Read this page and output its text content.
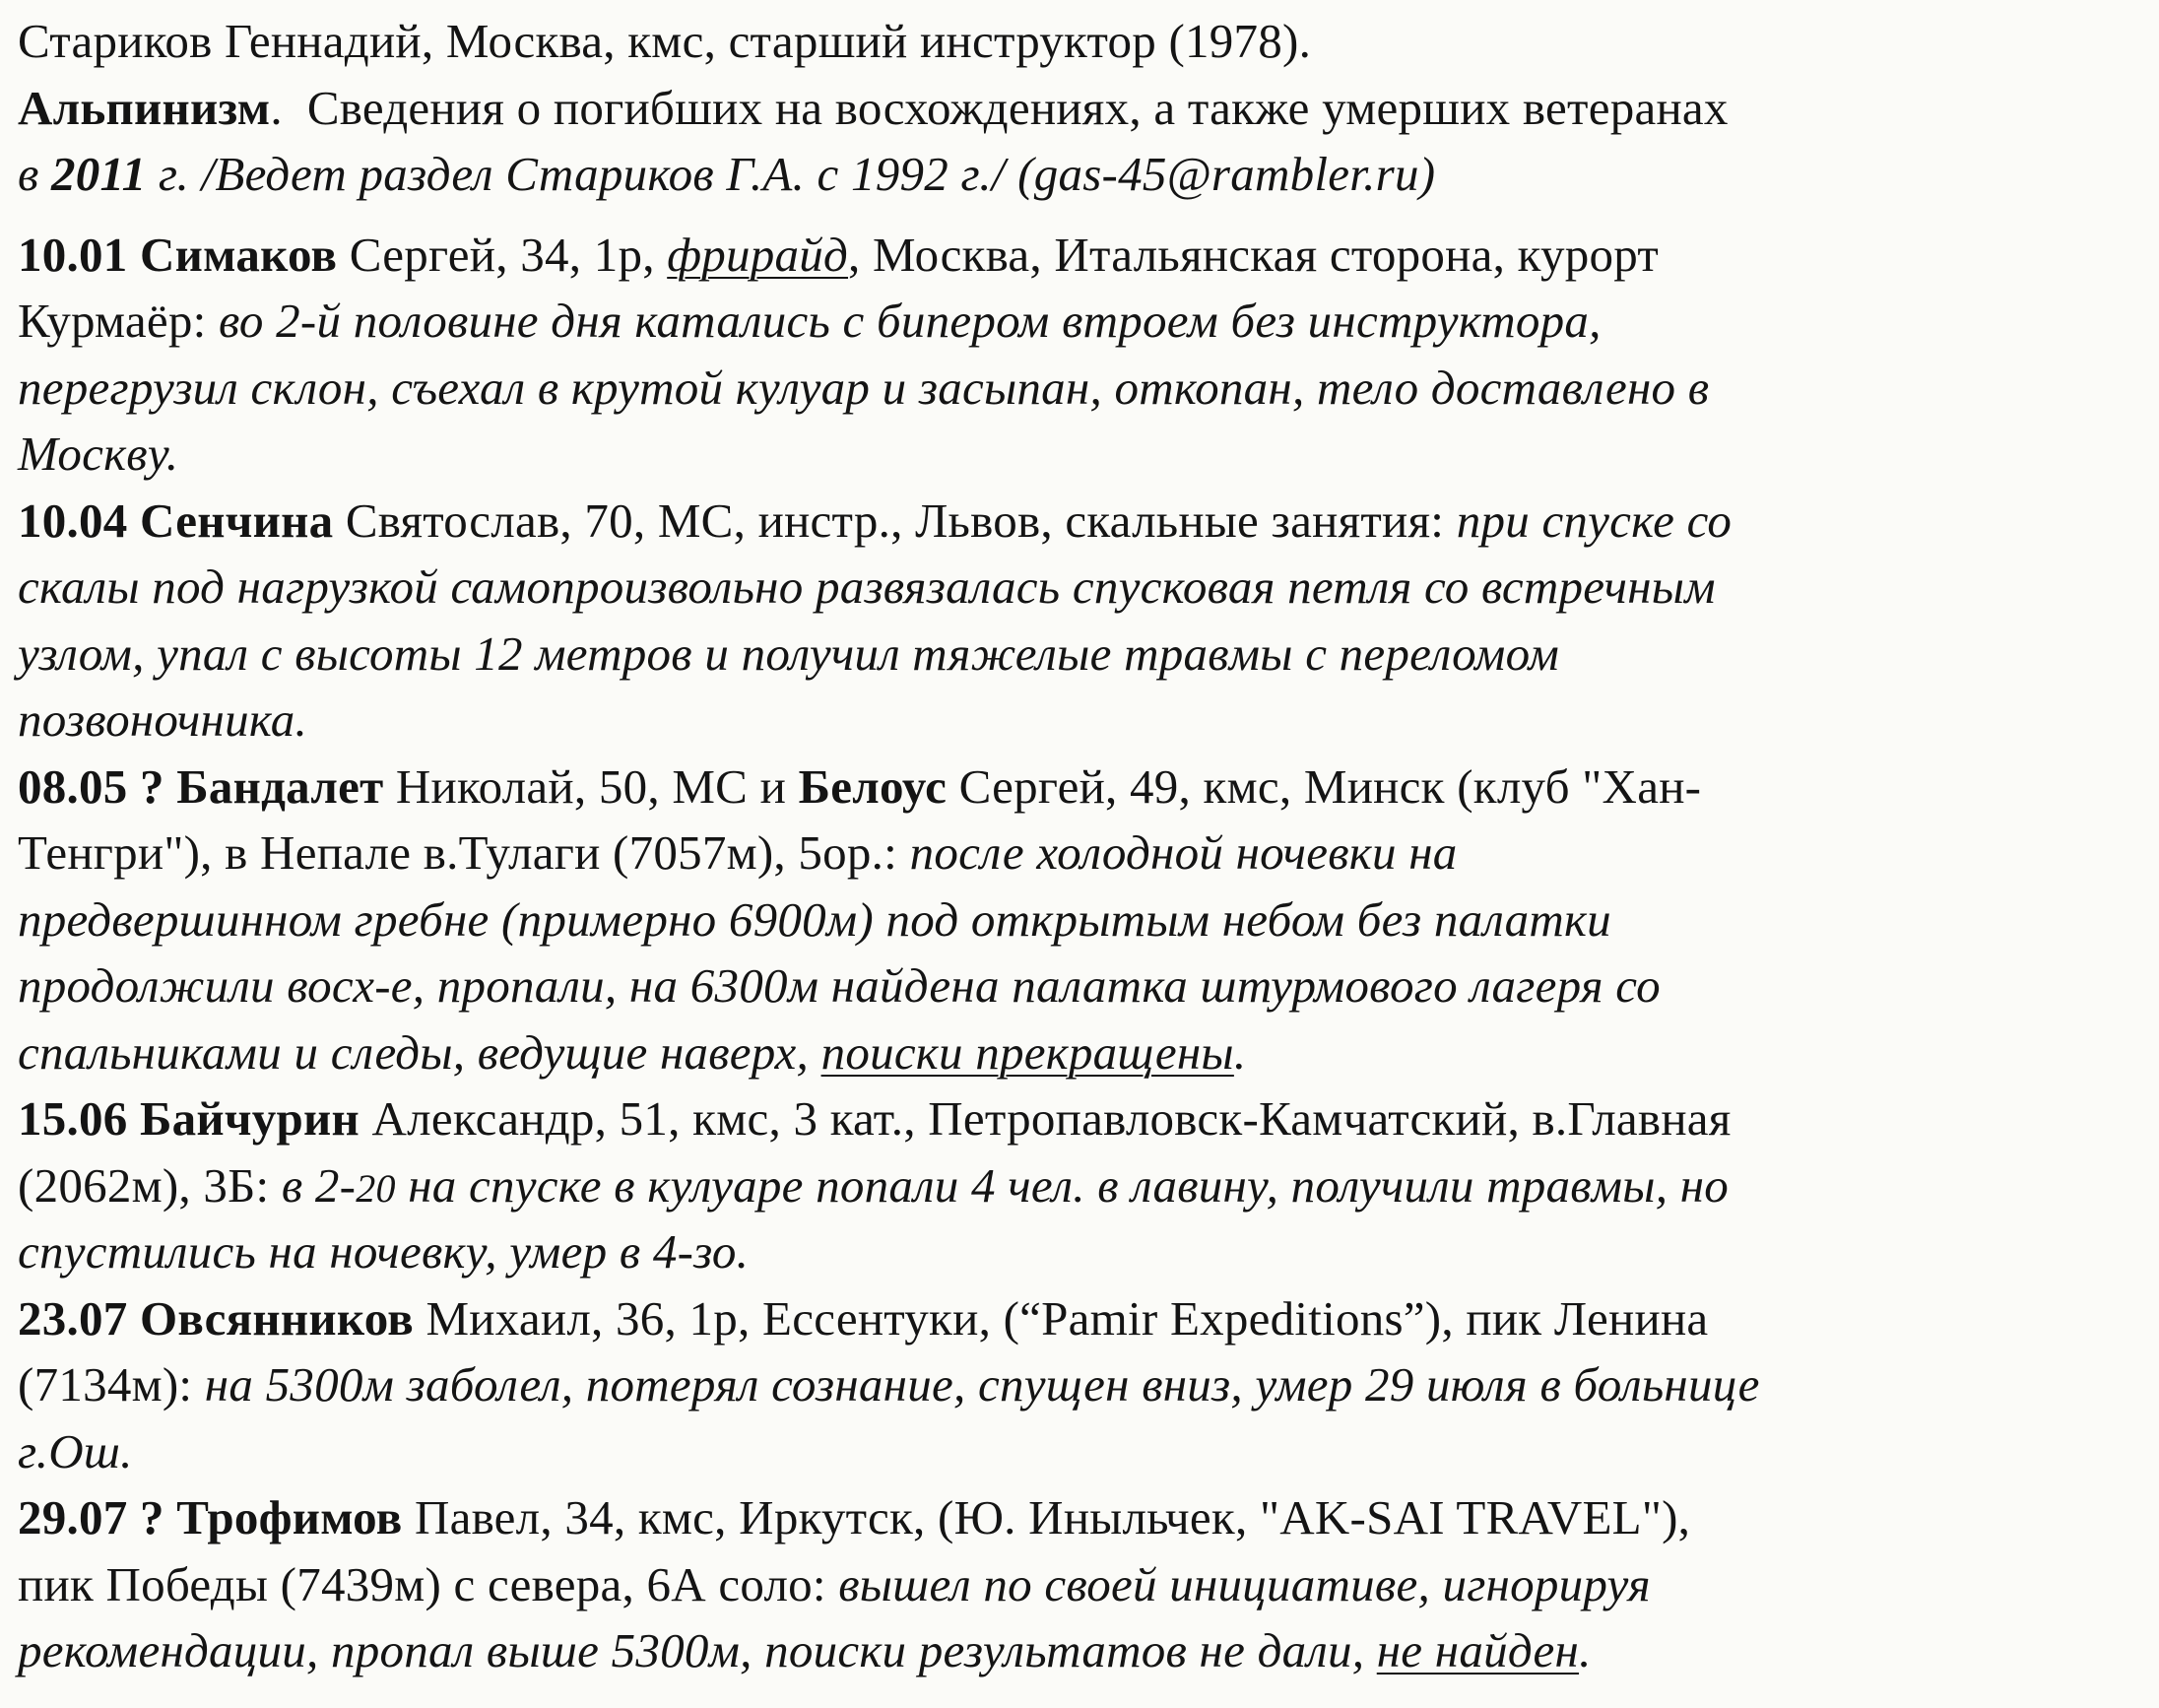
Стариков Геннадий, Москва, кмс, старший инструктор (1978).
Альпинизм.  Сведения о погибших на восхождениях, а также умерших ветеранах
в 2011 г. /Ведет раздел Стариков Г.А. с 1992 г./ (gas-45@rambler.ru)
10.01 Симаков Сергей, 34, 1р, фрирайд, Москва, Итальянская сторона, курорт
Курмаёр: во 2-й половине дня катались с бипером втроем без инструктора,
перегрузил склон, съехал в крутой кулуар и засыпан, откопан, тело доставлено в
Москву.
10.04 Сенчина Святослав, 70, МС, инстр., Львов, скальные занятия: при спуске со
скалы под нагрузкой самопроизвольно развязалась спусковая петля со встречным
узлом, упал с высоты 12 метров и получил тяжелые травмы с переломом
позвоночника.
08.05 ? Бандалет Николай, 50, МС и Белоус Сергей, 49, кмс, Минск (клуб "Хан-
Тенгри"), в Непале в.Тулаги (7057м), 5ор.: после холодной ночевки на
предвершинном гребне (примерно 6900м) под открытым небом без палатки
продолжили восх-е, пропали, на 6300м найдена палатка штурмового лагеря со
спальниками и следы, ведущие наверх, поиски прекращены.
15.06 Байчурин Александр, 51, кмс, 3 кат., Петропавловск-Камчатский, в.Главная
(2062м), 3Б: в 2-20 на спуске в кулуаре попали 4 чел. в лавину, получили травмы, но
спустились на ночевку, умер в 4-зо.
23.07 Овсянников Михаил, 36, 1р, Ессентуки, (“Pamir Expeditions”), пик Ленина
(7134м): на 5300м заболел, потерял сознание, спущен вниз, умер 29 июля в больнице
г.Ош.
29.07 ? Трофимов Павел, 34, кмс, Иркутск, (Ю. Иныльчек, "AK-SAI TRAVEL"),
пик Победы (7439м) с севера, 6А соло: вышел по своей инициативе, игнорируя
рекомендации, пропал выше 5300м, поиски результатов не дали, не найден.
